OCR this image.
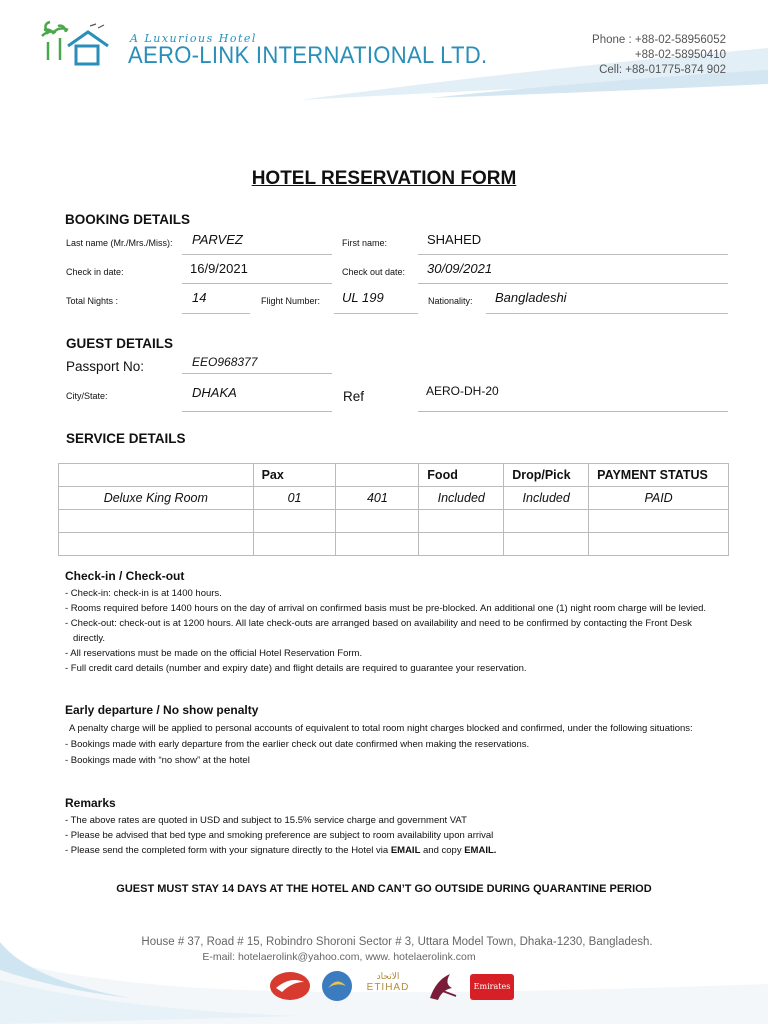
A Luxurious Hotel
AERO-LINK INTERNATIONAL LTD.
Phone : +88-02-58956052
+88-02-58950410
Cell: +88-01775-874 902
HOTEL RESERVATION FORM
BOOKING DETAILS
Last name (Mr./Mrs./Miss): PARVEZ	First name:	SHAHED
Check in date:	16/9/2021	Check out date: 30/09/2021
Total Nights :	14	Flight Number: UL 199	Nationality: Bangladeshi
GUEST DETAILS
Passport No:	EEO968377
City/State:	DHAKA	Ref	AERO-DH-20
SERVICE DETAILS
	Pax		Food	Drop/Pick	PAYMENT STATUS
Deluxe King Room	01	401	Included	Included	PAID

Check-in / Check-out
- Check-in: check-in is at 1400 hours.
- Rooms required before 1400 hours on the day of arrival on confirmed basis must be pre-blocked. An additional one (1) night room charge will be levied.
- Check-out: check-out is at 1200 hours. All late check-outs are arranged based on availability and need to be confirmed by contacting the Front Desk directly.
- All reservations must be made on the official Hotel Reservation Form.
- Full credit card details (number and expiry date) and flight details are required to guarantee your reservation.
Early departure / No show penalty
A penalty charge will be applied to personal accounts of equivalent to total room night charges blocked and confirmed, under the following situations:
- Bookings made with early departure from the earlier check out date confirmed when making the reservations.
- Bookings made with “no show” at the hotel
Remarks
- The above rates are quoted in USD and subject to 15.5% service charge and government VAT
- Please be advised that bed type and smoking preference are subject to room availability upon arrival
- Please send the completed form with your signature directly to the Hotel via EMAIL and copy EMAIL.
GUEST MUST STAY 14 DAYS AT THE HOTEL AND CAN’T GO OUTSIDE DURING QUARANTINE PERIOD
House # 37, Road # 15, Robindro Shoroni Sector # 3, Uttara Model Town, Dhaka-1230, Bangladesh.
E-mail: hotelaerolink@yahoo.com, www. hotelaerolink.com
الاتحاد
ETIHAD	Emirates
